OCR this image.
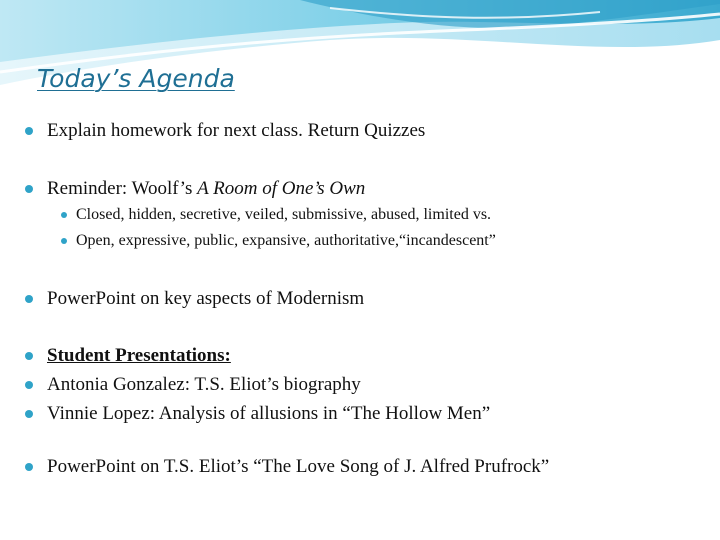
Today’s Agenda
Explain homework for next class. Return Quizzes
Reminder: Woolf’s A Room of One’s Own
Closed, hidden, secretive, veiled, submissive, abused, limited vs.
Open, expressive, public, expansive, authoritative,“incandescent”
PowerPoint on key aspects of Modernism
Student Presentations:
Antonia Gonzalez: T.S. Eliot’s biography
Vinnie Lopez: Analysis of allusions in “The Hollow Men”
PowerPoint on T.S. Eliot’s “The Love Song of J. Alfred Prufrock”
